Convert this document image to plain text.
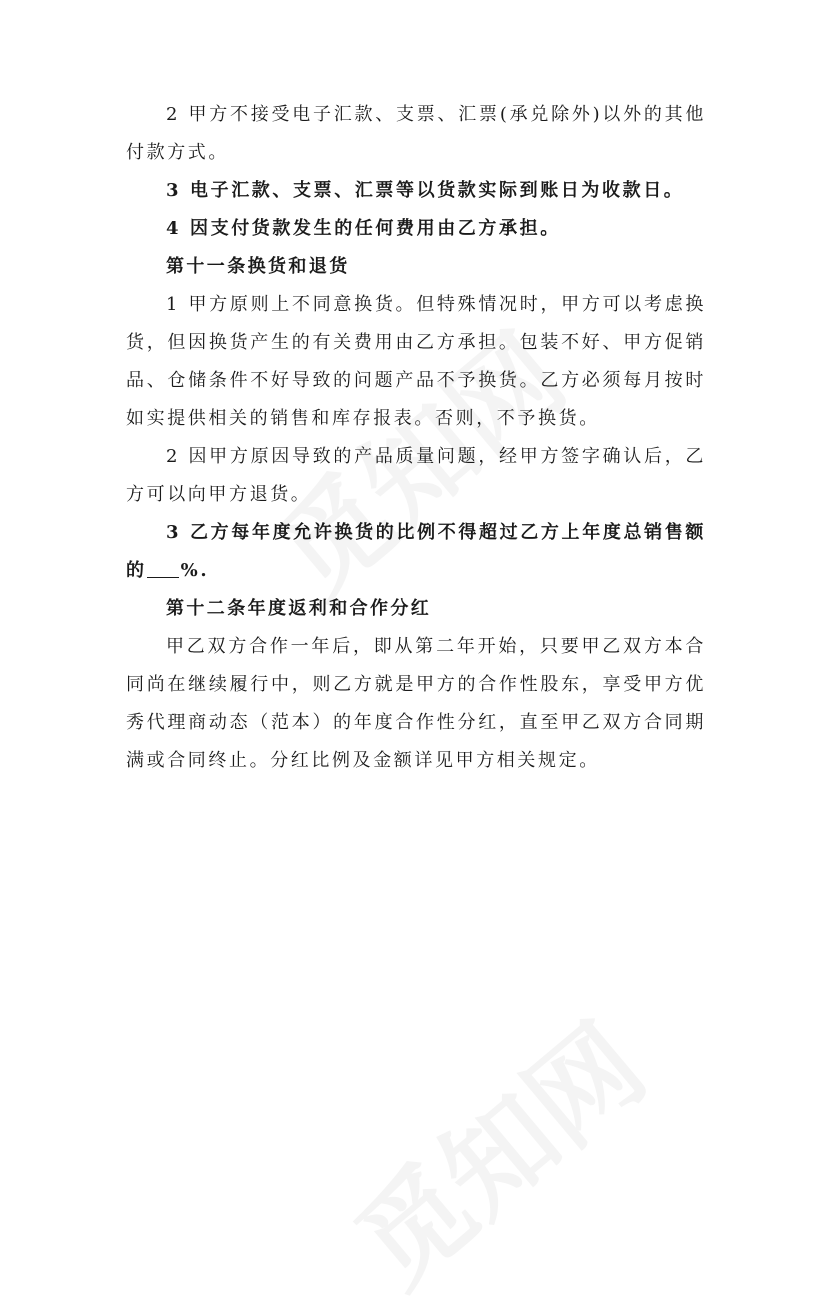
2 甲方不接受电子汇款、支票、汇票(承兑除外)以外的其他付款方式。

3 电子汇款、支票、汇票等以货款实际到账日为收款日。

4 因支付货款发生的任何费用由乙方承担。

第十一条换货和退货

1 甲方原则上不同意换货。但特殊情况时，甲方可以考虑换货，但因换货产生的有关费用由乙方承担。包装不好、甲方促销品、仓储条件不好导致的问题产品不予换货。乙方必须每月按时如实提供相关的销售和库存报表。否则，不予换货。

2 因甲方原因导致的产品质量问题，经甲方签字确认后，乙方可以向甲方退货。

3 乙方每年度允许换货的比例不得超过乙方上年度总销售额的 %.

第十二条年度返利和合作分红

甲乙双方合作一年后，即从第二年开始，只要甲乙双方本合同尚在继续履行中，则乙方就是甲方的合作性股东，享受甲方优秀代理商动态（范本）的年度合作性分红，直至甲乙双方合同期满或合同终止。分红比例及金额详见甲方相关规定。
